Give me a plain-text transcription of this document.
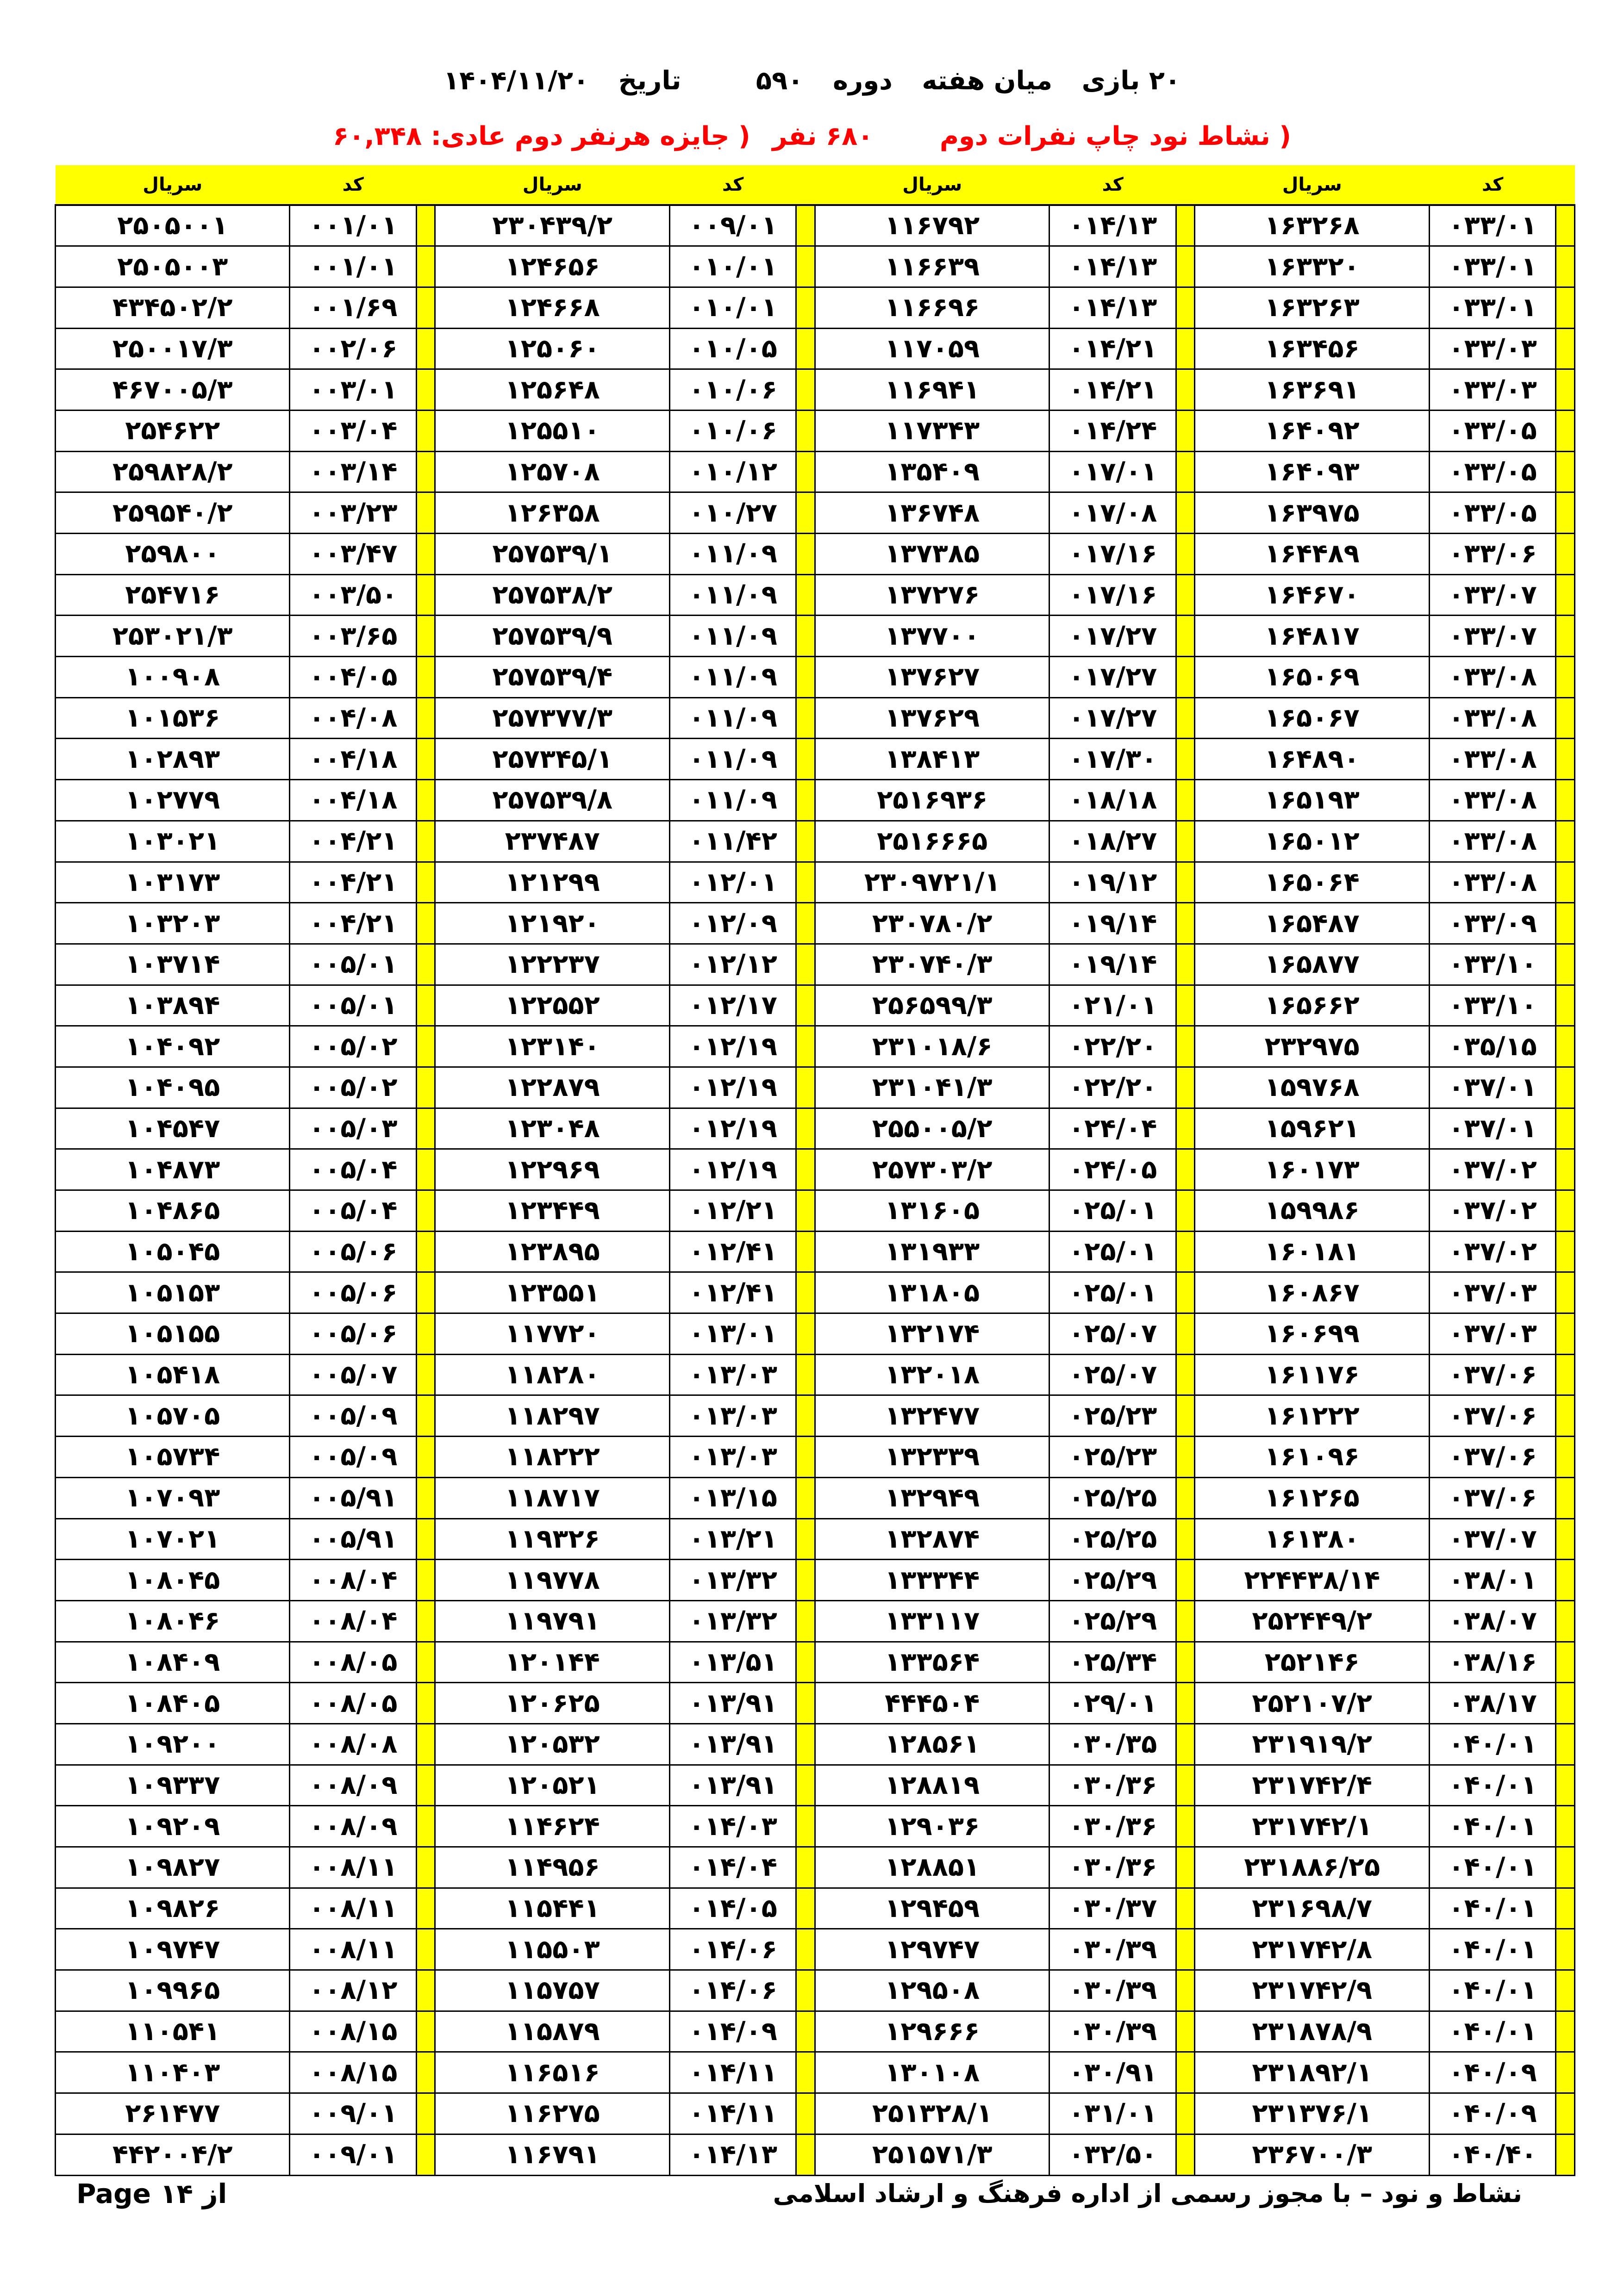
۲۰ بازی میان هفته دوره ۵۹۰ تاریخ ۱۴۰۴/۱۱/۲۰
( نشاط نود چاپ نفرات دوم ۶۸۰ نفر ( جایزه هرنفر دوم عادی: ۶۰,۳۴۸
سریال	کد		سریال	کد		سریال	کد		سریال	کد	
۲۵۰۵۰۰۱	۰۰۱/۰۱		۲۳۰۴۳۹/۲	۰۰۹/۰۱		۱۱۶۷۹۲	۰۱۴/۱۳		۱۶۳۲۶۸	۰۳۳/۰۱	
۲۵۰۵۰۰۳	۰۰۱/۰۱		۱۲۴۶۵۶	۰۱۰/۰۱		۱۱۶۶۳۹	۰۱۴/۱۳		۱۶۳۳۲۰	۰۳۳/۰۱	
۴۳۴۵۰۲/۲	۰۰۱/۶۹		۱۲۴۶۶۸	۰۱۰/۰۱		۱۱۶۶۹۶	۰۱۴/۱۳		۱۶۳۲۶۳	۰۳۳/۰۱	
۲۵۰۰۱۷/۳	۰۰۲/۰۶		۱۲۵۰۶۰	۰۱۰/۰۵		۱۱۷۰۵۹	۰۱۴/۲۱		۱۶۳۴۵۶	۰۳۳/۰۳	
۴۶۷۰۰۵/۳	۰۰۳/۰۱		۱۲۵۶۴۸	۰۱۰/۰۶		۱۱۶۹۴۱	۰۱۴/۲۱		۱۶۳۶۹۱	۰۳۳/۰۳	
۲۵۴۶۲۲	۰۰۳/۰۴		۱۲۵۵۱۰	۰۱۰/۰۶		۱۱۷۳۴۳	۰۱۴/۲۴		۱۶۴۰۹۲	۰۳۳/۰۵	
۲۵۹۸۲۸/۲	۰۰۳/۱۴		۱۲۵۷۰۸	۰۱۰/۱۲		۱۳۵۴۰۹	۰۱۷/۰۱		۱۶۴۰۹۳	۰۳۳/۰۵	
۲۵۹۵۴۰/۲	۰۰۳/۲۳		۱۲۶۳۵۸	۰۱۰/۲۷		۱۳۶۷۴۸	۰۱۷/۰۸		۱۶۳۹۷۵	۰۳۳/۰۵	
۲۵۹۸۰۰	۰۰۳/۴۷		۲۵۷۵۳۹/۱	۰۱۱/۰۹		۱۳۷۳۸۵	۰۱۷/۱۶		۱۶۴۴۸۹	۰۳۳/۰۶	
۲۵۴۷۱۶	۰۰۳/۵۰		۲۵۷۵۳۸/۲	۰۱۱/۰۹		۱۳۷۲۷۶	۰۱۷/۱۶		۱۶۴۶۷۰	۰۳۳/۰۷	
۲۵۳۰۲۱/۳	۰۰۳/۶۵		۲۵۷۵۳۹/۹	۰۱۱/۰۹		۱۳۷۷۰۰	۰۱۷/۲۷		۱۶۴۸۱۷	۰۳۳/۰۷	
۱۰۰۹۰۸	۰۰۴/۰۵		۲۵۷۵۳۹/۴	۰۱۱/۰۹		۱۳۷۶۲۷	۰۱۷/۲۷		۱۶۵۰۶۹	۰۳۳/۰۸	
۱۰۱۵۳۶	۰۰۴/۰۸		۲۵۷۳۷۷/۳	۰۱۱/۰۹		۱۳۷۶۲۹	۰۱۷/۲۷		۱۶۵۰۶۷	۰۳۳/۰۸	
۱۰۲۸۹۳	۰۰۴/۱۸		۲۵۷۳۴۵/۱	۰۱۱/۰۹		۱۳۸۴۱۳	۰۱۷/۳۰		۱۶۴۸۹۰	۰۳۳/۰۸	
۱۰۲۷۷۹	۰۰۴/۱۸		۲۵۷۵۳۹/۸	۰۱۱/۰۹		۲۵۱۶۹۳۶	۰۱۸/۱۸		۱۶۵۱۹۳	۰۳۳/۰۸	
۱۰۳۰۲۱	۰۰۴/۲۱		۲۳۷۴۸۷	۰۱۱/۴۲		۲۵۱۶۶۶۵	۰۱۸/۲۷		۱۶۵۰۱۲	۰۳۳/۰۸	
۱۰۳۱۷۳	۰۰۴/۲۱		۱۲۱۲۹۹	۰۱۲/۰۱		۲۳۰۹۷۲۱/۱	۰۱۹/۱۲		۱۶۵۰۶۴	۰۳۳/۰۸	
۱۰۳۲۰۳	۰۰۴/۲۱		۱۲۱۹۲۰	۰۱۲/۰۹		۲۳۰۷۸۰/۲	۰۱۹/۱۴		۱۶۵۴۸۷	۰۳۳/۰۹	
۱۰۳۷۱۴	۰۰۵/۰۱		۱۲۲۲۳۷	۰۱۲/۱۲		۲۳۰۷۴۰/۳	۰۱۹/۱۴		۱۶۵۸۷۷	۰۳۳/۱۰	
۱۰۳۸۹۴	۰۰۵/۰۱		۱۲۲۵۵۲	۰۱۲/۱۷		۲۵۶۵۹۹/۳	۰۲۱/۰۱		۱۶۵۶۶۲	۰۳۳/۱۰	
۱۰۴۰۹۲	۰۰۵/۰۲		۱۲۳۱۴۰	۰۱۲/۱۹		۲۳۱۰۱۸/۶	۰۲۲/۲۰		۲۳۲۹۷۵	۰۳۵/۱۵	
۱۰۴۰۹۵	۰۰۵/۰۲		۱۲۲۸۷۹	۰۱۲/۱۹		۲۳۱۰۴۱/۳	۰۲۲/۲۰		۱۵۹۷۶۸	۰۳۷/۰۱	
۱۰۴۵۴۷	۰۰۵/۰۳		۱۲۳۰۴۸	۰۱۲/۱۹		۲۵۵۰۰۵/۲	۰۲۴/۰۴		۱۵۹۶۲۱	۰۳۷/۰۱	
۱۰۴۸۷۳	۰۰۵/۰۴		۱۲۲۹۶۹	۰۱۲/۱۹		۲۵۷۳۰۳/۲	۰۲۴/۰۵		۱۶۰۱۷۳	۰۳۷/۰۲	
۱۰۴۸۶۵	۰۰۵/۰۴		۱۲۳۴۴۹	۰۱۲/۲۱		۱۳۱۶۰۵	۰۲۵/۰۱		۱۵۹۹۸۶	۰۳۷/۰۲	
۱۰۵۰۴۵	۰۰۵/۰۶		۱۲۳۸۹۵	۰۱۲/۴۱		۱۳۱۹۳۳	۰۲۵/۰۱		۱۶۰۱۸۱	۰۳۷/۰۲	
۱۰۵۱۵۳	۰۰۵/۰۶		۱۲۳۵۵۱	۰۱۲/۴۱		۱۳۱۸۰۵	۰۲۵/۰۱		۱۶۰۸۶۷	۰۳۷/۰۳	
۱۰۵۱۵۵	۰۰۵/۰۶		۱۱۷۷۲۰	۰۱۳/۰۱		۱۳۲۱۷۴	۰۲۵/۰۷		۱۶۰۶۹۹	۰۳۷/۰۳	
۱۰۵۴۱۸	۰۰۵/۰۷		۱۱۸۲۸۰	۰۱۳/۰۳		۱۳۲۰۱۸	۰۲۵/۰۷		۱۶۱۱۷۶	۰۳۷/۰۶	
۱۰۵۷۰۵	۰۰۵/۰۹		۱۱۸۲۹۷	۰۱۳/۰۳		۱۳۲۴۷۷	۰۲۵/۲۳		۱۶۱۲۲۲	۰۳۷/۰۶	
۱۰۵۷۳۴	۰۰۵/۰۹		۱۱۸۲۲۲	۰۱۳/۰۳		۱۳۲۳۳۹	۰۲۵/۲۳		۱۶۱۰۹۶	۰۳۷/۰۶	
۱۰۷۰۹۳	۰۰۵/۹۱		۱۱۸۷۱۷	۰۱۳/۱۵		۱۳۲۹۴۹	۰۲۵/۲۵		۱۶۱۲۶۵	۰۳۷/۰۶	
۱۰۷۰۲۱	۰۰۵/۹۱		۱۱۹۳۲۶	۰۱۳/۲۱		۱۳۲۸۷۴	۰۲۵/۲۵		۱۶۱۳۸۰	۰۳۷/۰۷	
۱۰۸۰۴۵	۰۰۸/۰۴		۱۱۹۷۷۸	۰۱۳/۳۲		۱۳۳۳۴۴	۰۲۵/۲۹		۲۲۴۴۳۸/۱۴	۰۳۸/۰۱	
۱۰۸۰۴۶	۰۰۸/۰۴		۱۱۹۷۹۱	۰۱۳/۳۲		۱۳۳۱۱۷	۰۲۵/۲۹		۲۵۲۴۴۹/۲	۰۳۸/۰۷	
۱۰۸۴۰۹	۰۰۸/۰۵		۱۲۰۱۴۴	۰۱۳/۵۱		۱۳۳۵۶۴	۰۲۵/۳۴		۲۵۲۱۴۶	۰۳۸/۱۶	
۱۰۸۴۰۵	۰۰۸/۰۵		۱۲۰۶۲۵	۰۱۳/۹۱		۴۴۴۵۰۴	۰۲۹/۰۱		۲۵۲۱۰۷/۲	۰۳۸/۱۷	
۱۰۹۲۰۰	۰۰۸/۰۸		۱۲۰۵۳۲	۰۱۳/۹۱		۱۲۸۵۶۱	۰۳۰/۳۵		۲۳۱۹۱۹/۲	۰۴۰/۰۱	
۱۰۹۳۳۷	۰۰۸/۰۹		۱۲۰۵۲۱	۰۱۳/۹۱		۱۲۸۸۱۹	۰۳۰/۳۶		۲۳۱۷۴۲/۴	۰۴۰/۰۱	
۱۰۹۲۰۹	۰۰۸/۰۹		۱۱۴۶۲۴	۰۱۴/۰۳		۱۲۹۰۳۶	۰۳۰/۳۶		۲۳۱۷۴۲/۱	۰۴۰/۰۱	
۱۰۹۸۲۷	۰۰۸/۱۱		۱۱۴۹۵۶	۰۱۴/۰۴		۱۲۸۸۵۱	۰۳۰/۳۶		۲۳۱۸۸۶/۲۵	۰۴۰/۰۱	
۱۰۹۸۲۶	۰۰۸/۱۱		۱۱۵۴۴۱	۰۱۴/۰۵		۱۲۹۴۵۹	۰۳۰/۳۷		۲۳۱۶۹۸/۷	۰۴۰/۰۱	
۱۰۹۷۴۷	۰۰۸/۱۱		۱۱۵۵۰۳	۰۱۴/۰۶		۱۲۹۷۴۷	۰۳۰/۳۹		۲۳۱۷۴۲/۸	۰۴۰/۰۱	
۱۰۹۹۶۵	۰۰۸/۱۲		۱۱۵۷۵۷	۰۱۴/۰۶		۱۲۹۵۰۸	۰۳۰/۳۹		۲۳۱۷۴۲/۹	۰۴۰/۰۱	
۱۱۰۵۴۱	۰۰۸/۱۵		۱۱۵۸۷۹	۰۱۴/۰۹		۱۲۹۶۶۶	۰۳۰/۳۹		۲۳۱۸۷۸/۹	۰۴۰/۰۱	
۱۱۰۴۰۳	۰۰۸/۱۵		۱۱۶۵۱۶	۰۱۴/۱۱		۱۳۰۱۰۸	۰۳۰/۹۱		۲۳۱۸۹۲/۱	۰۴۰/۰۹	
۲۶۱۴۷۷	۰۰۹/۰۱		۱۱۶۲۷۵	۰۱۴/۱۱		۲۵۱۳۲۸/۱	۰۳۱/۰۱		۲۳۱۳۷۶/۱	۰۴۰/۰۹	
۴۴۲۰۰۴/۲	۰۰۹/۰۱		۱۱۶۷۹۱	۰۱۴/۱۳		۲۵۱۵۷۱/۳	۰۳۲/۵۰		۲۳۶۷۰۰/۳	۰۴۰/۴۰	
نشاط و نود – با مجوز رسمی از اداره فرهنگ و ارشاد اسلامی
Page ۱۴ از
